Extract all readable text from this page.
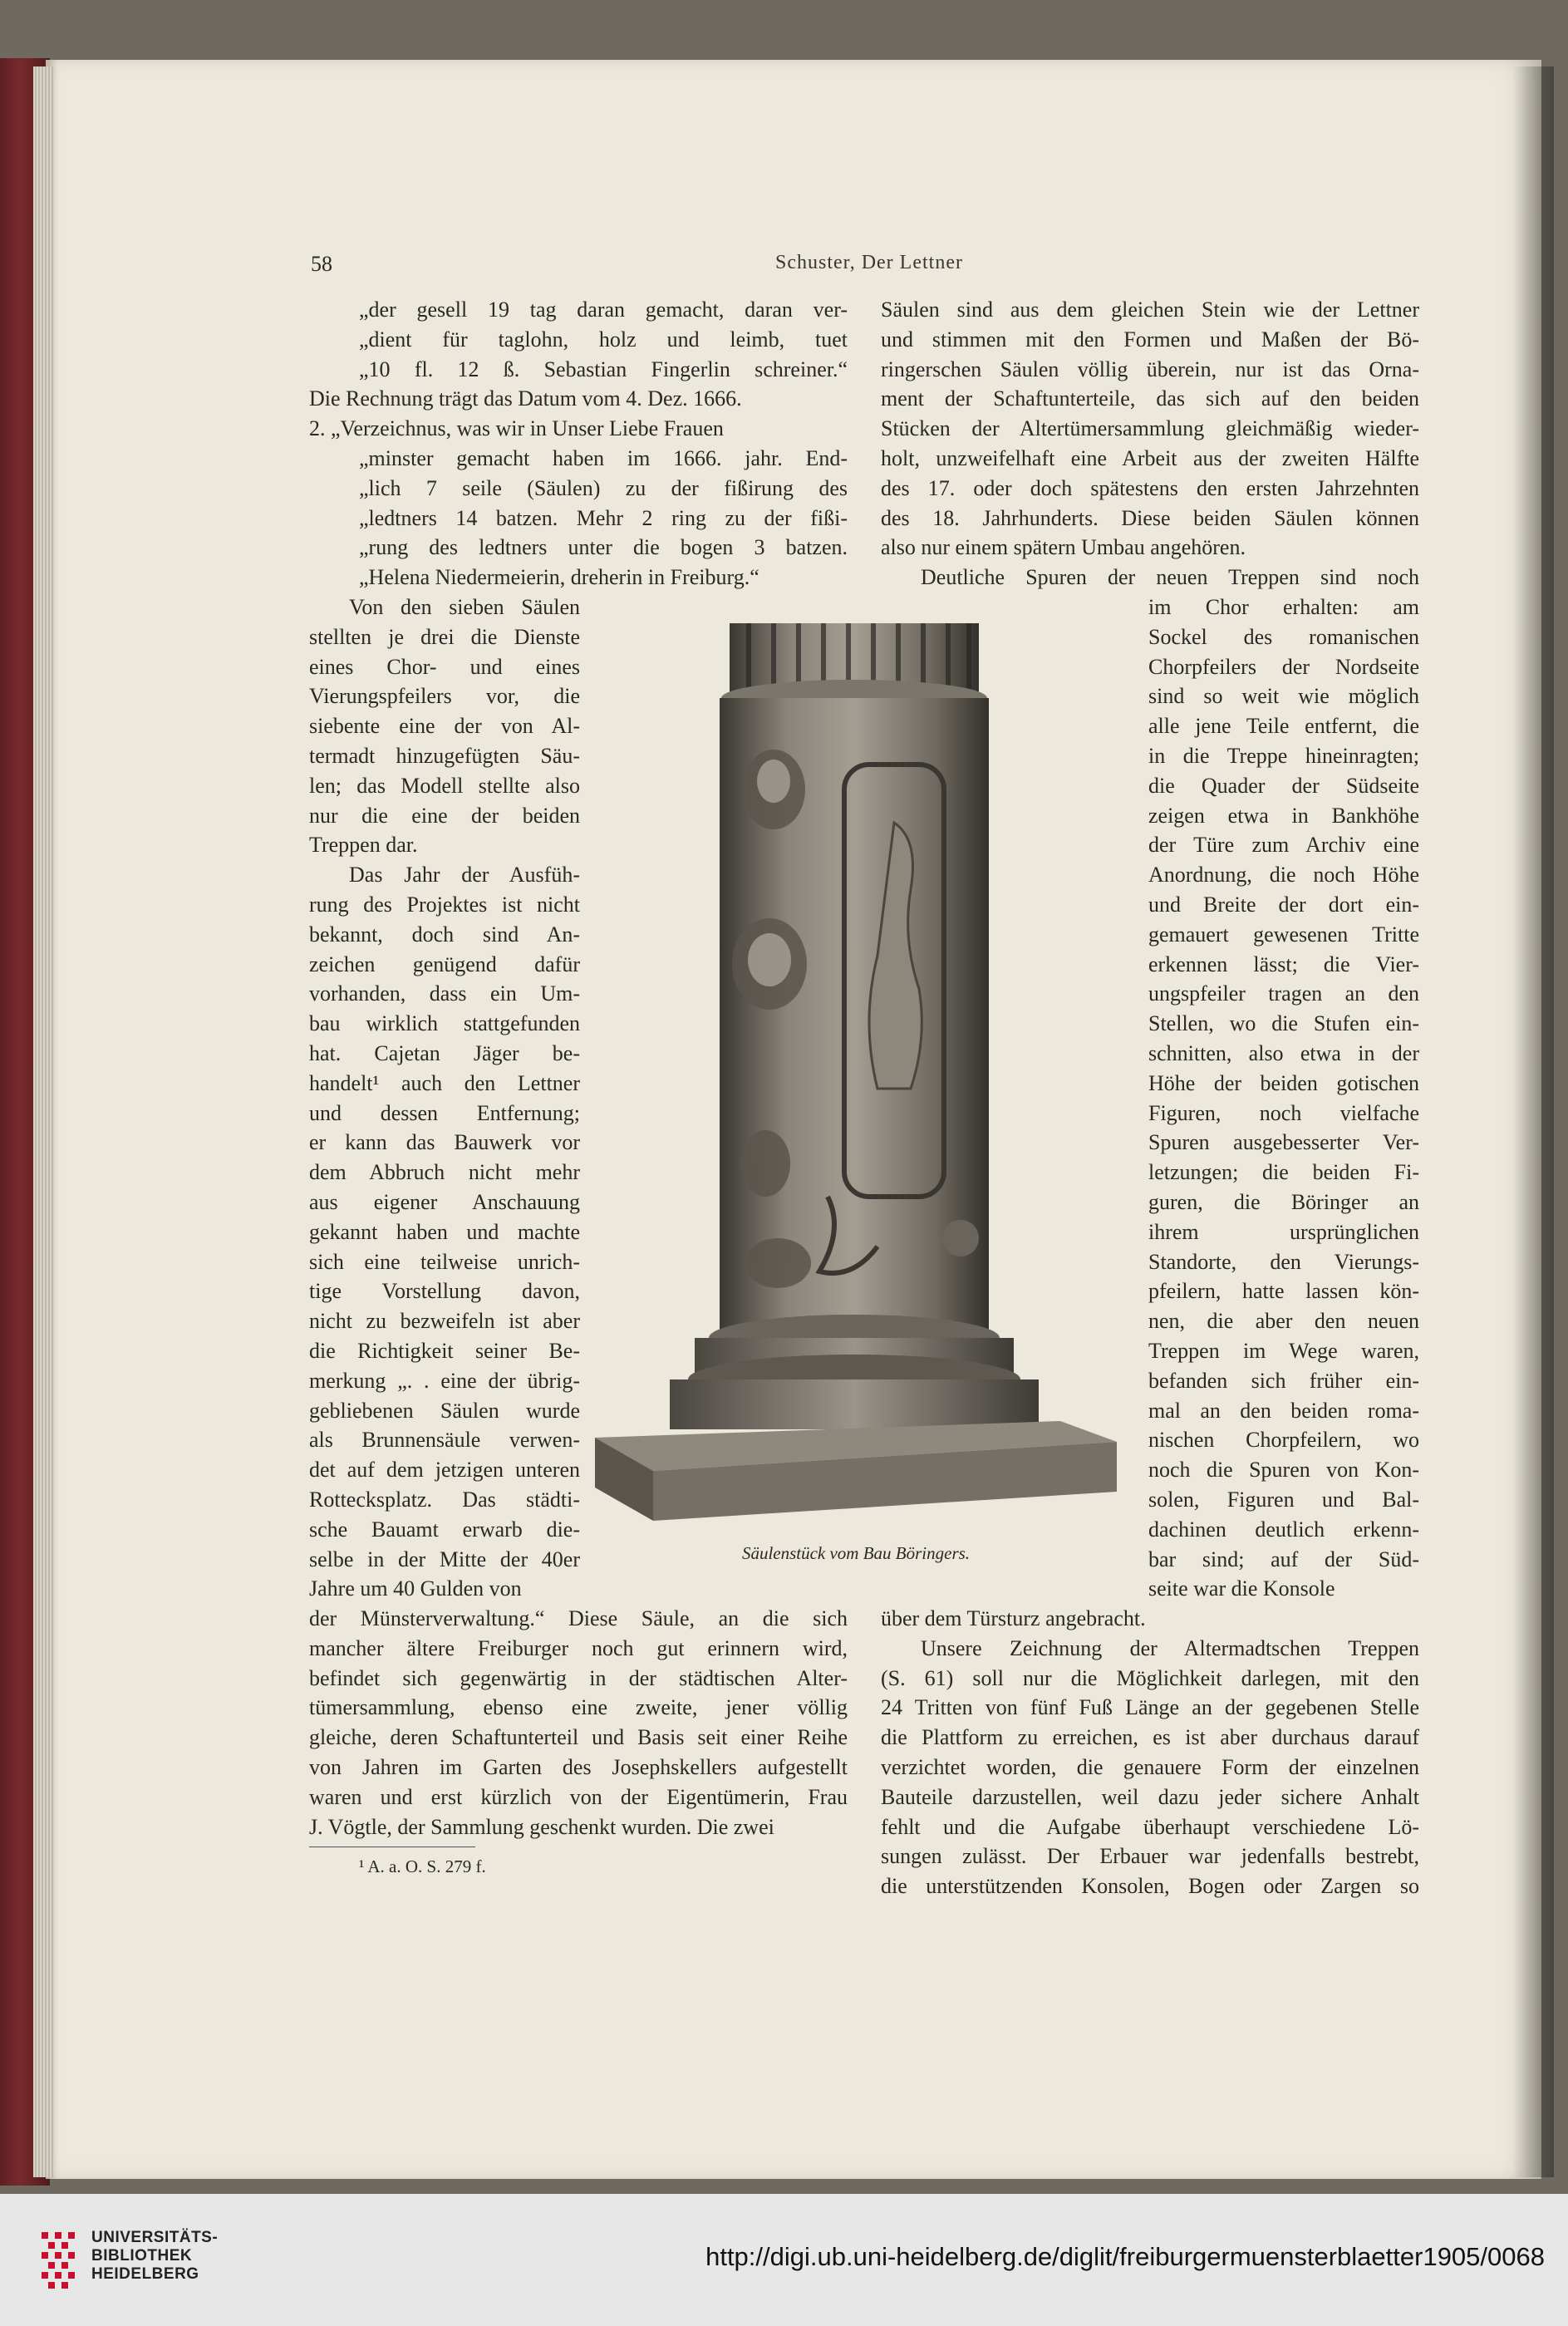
58	Schuster, Der Lettner
„der gesell 19 tag daran gemacht, daran ver-
„dient für taglohn, holz und leimb, tuet
„10 fl. 12 ß. Sebastian Fingerlin schreiner.“
Die Rechnung trägt das Datum vom 4. Dez. 1666.
2. „Verzeichnus, was wir in Unser Liebe Frauen
„minster gemacht haben im 1666. jahr. End-
„lich 7 seile (Säulen) zu der fißirung des
„ledtners 14 batzen. Mehr 2 ring zu der fißi-
„rung des ledtners unter die bogen 3 batzen.
„Helena Niedermeierin, dreherin in Freiburg.“
Von den sieben Säulen
stellten je drei die Dienste
eines Chor- und eines
Vierungspfeilers vor, die
siebente eine der von Al-
termadt hinzugefügten Säu-
len; das Modell stellte also
nur die eine der beiden
Treppen dar.
Das Jahr der Ausfüh-
rung des Projektes ist nicht
bekannt, doch sind An-
zeichen genügend dafür
vorhanden, dass ein Um-
bau wirklich stattgefunden
hat. Cajetan Jäger be-
handelt¹ auch den Lettner
und dessen Entfernung;
er kann das Bauwerk vor
dem Abbruch nicht mehr
aus eigener Anschauung
gekannt haben und machte
sich eine teilweise unrich-
tige Vorstellung davon,
nicht zu bezweifeln ist aber
die Richtigkeit seiner Be-
merkung „. . eine der übrig-
gebliebenen Säulen wurde
als Brunnensäule verwen-
det auf dem jetzigen unteren
Rottecksplatz. Das städti-
sche Bauamt erwarb die-
selbe in der Mitte der 40er
Jahre um 40 Gulden von
der Münsterverwaltung.“ Diese Säule, an die sich
mancher ältere Freiburger noch gut erinnern wird,
befindet sich gegenwärtig in der städtischen Alter-
tümersammlung, ebenso eine zweite, jener völlig
gleiche, deren Schaftunterteil und Basis seit einer Reihe
von Jahren im Garten des Josephskellers aufgestellt
waren und erst kürzlich von der Eigentümerin, Frau
J. Vögtle, der Sammlung geschenkt wurden. Die zwei
Säulen sind aus dem gleichen Stein wie der Lettner
und stimmen mit den Formen und Maßen der Bö-
ringerschen Säulen völlig überein, nur ist das Orna-
ment der Schaftunterteile, das sich auf den beiden
Stücken der Altertümersammlung gleichmäßig wieder-
holt, unzweifelhaft eine Arbeit aus der zweiten Hälfte
des 17. oder doch spätestens den ersten Jahrzehnten
des 18. Jahrhunderts. Diese beiden Säulen können
also nur einem spätern Umbau angehören.
Deutliche Spuren der neuen Treppen sind noch
im Chor erhalten: am
Sockel des romanischen
Chorpfeilers der Nordseite
sind so weit wie möglich
alle jene Teile entfernt, die
in die Treppe hineinragten;
die Quader der Südseite
zeigen etwa in Bankhöhe
der Türe zum Archiv eine
Anordnung, die noch Höhe
und Breite der dort ein-
gemauert gewesenen Tritte
erkennen lässt; die Vier-
ungspfeiler tragen an den
Stellen, wo die Stufen ein-
schnitten, also etwa in der
Höhe der beiden gotischen
Figuren, noch vielfache
Spuren ausgebesserter Ver-
letzungen; die beiden Fi-
guren, die Böringer an
ihrem ursprünglichen
Standorte, den Vierungs-
pfeilern, hatte lassen kön-
nen, die aber den neuen
Treppen im Wege waren,
befanden sich früher ein-
mal an den beiden roma-
nischen Chorpfeilern, wo
noch die Spuren von Kon-
solen, Figuren und Bal-
dachinen deutlich erkenn-
bar sind; auf der Süd-
seite war die Konsole
über dem Türsturz angebracht.
Unsere Zeichnung der Altermadtschen Treppen
(S. 61) soll nur die Möglichkeit darlegen, mit den
24 Tritten von fünf Fuß Länge an der gegebenen Stelle
die Plattform zu erreichen, es ist aber durchaus darauf
verzichtet worden, die genauere Form der einzelnen
Bauteile darzustellen, weil dazu jeder sichere Anhalt
fehlt und die Aufgabe überhaupt verschiedene Lö-
sungen zulässt. Der Erbauer war jedenfalls bestrebt,
die unterstützenden Konsolen, Bogen oder Zargen so
Säulenstück vom Bau Böringers.
¹ A. a. O. S. 279 f.
UNIVERSITÄTS-
BIBLIOTHEK
HEIDELBERG
http://digi.ub.uni-heidelberg.de/diglit/freiburgermuensterblaetter1905/0068
